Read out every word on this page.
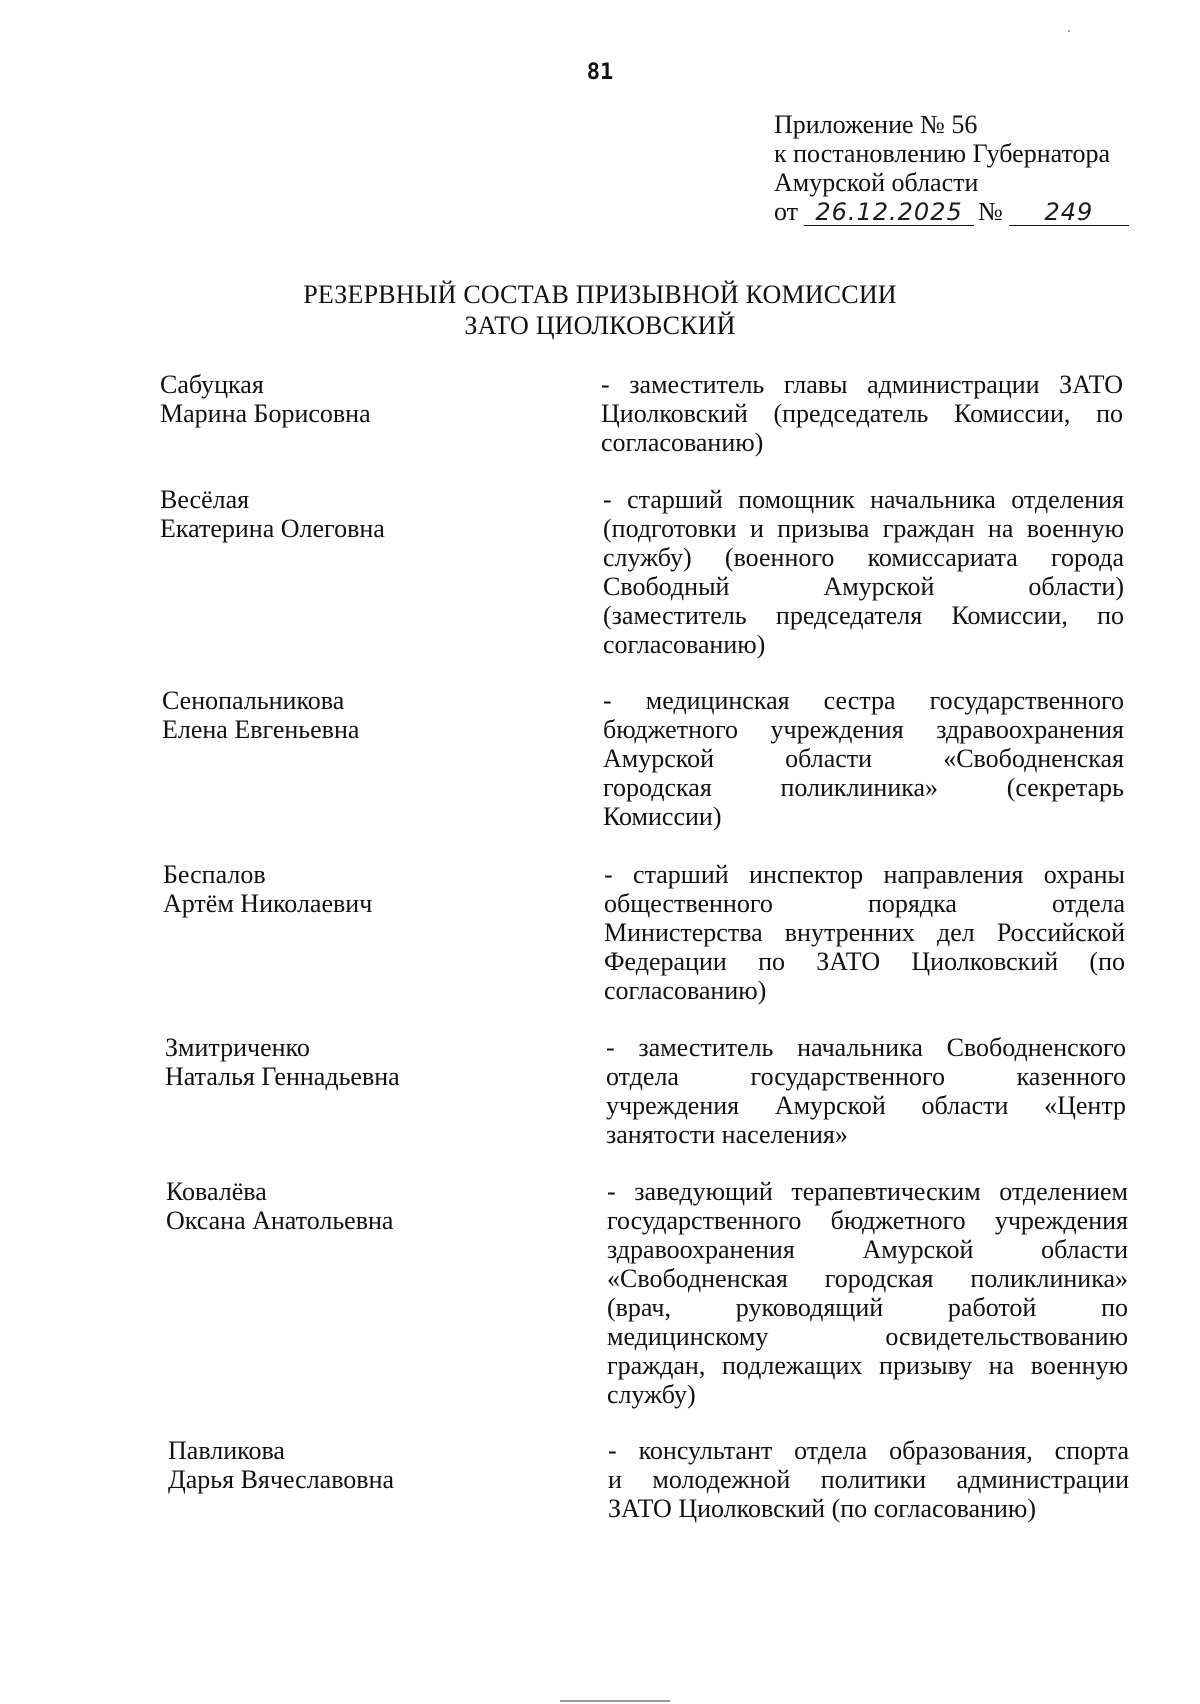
81
Приложение № 56
к постановлению Губернатора
Амурской области
от 26.12.2025 №	249
РЕЗЕРВНЫЙ СОСТАВ ПРИЗЫВНОЙ КОМИССИИ
ЗАТО ЦИОЛКОВСКИЙ
Сабуцкая
Марина Борисовна
- заместитель главы администрации ЗАТО
Циолковский (председатель Комиссии, по
согласованию)
Весёлая
Екатерина Олеговна
- старший помощник начальника отделения
(подготовки и призыва граждан на военную
службу) (военного комиссариата города
Свободный Амурской области)
(заместитель председателя Комиссии, по
согласованию)
Сенопальникова
Елена Евгеньевна
- медицинская сестра государственного
бюджетного учреждения здравоохранения
Амурской области «Свободненская
городская поликлиника» (секретарь
Комиссии)
Беспалов
Артём Николаевич
- старший инспектор направления охраны
общественного порядка отдела
Министерства внутренних дел Российской
Федерации по ЗАТО Циолковский (по
согласованию)
Змитриченко
Наталья Геннадьевна
- заместитель начальника Свободненского
отдела государственного казенного
учреждения Амурской области «Центр
занятости населения»
Ковалёва
Оксана Анатольевна
- заведующий терапевтическим отделением
государственного бюджетного учреждения
здравоохранения Амурской области
«Свободненская городская поликлиника»
(врач, руководящий работой по
медицинскому освидетельствованию
граждан, подлежащих призыву на военную
службу)
Павликова
Дарья Вячеславовна
- консультант отдела образования, спорта
и молодежной политики администрации
ЗАТО Циолковский (по согласованию)
